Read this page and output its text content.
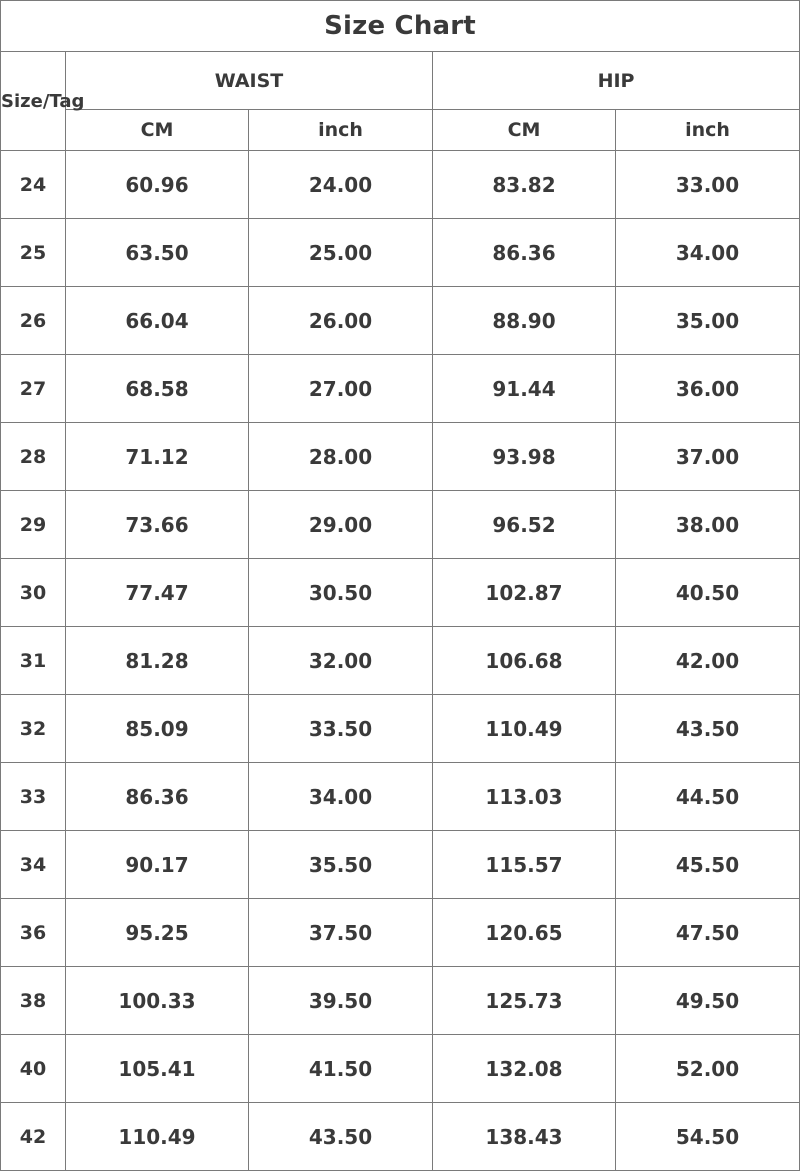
Size Chart				
Size/Tag	WAIST		HIP	
	CM	inch	CM	inch
24	60.96	24.00	83.82	33.00
25	63.50	25.00	86.36	34.00
26	66.04	26.00	88.90	35.00
27	68.58	27.00	91.44	36.00
28	71.12	28.00	93.98	37.00
29	73.66	29.00	96.52	38.00
30	77.47	30.50	102.87	40.50
31	81.28	32.00	106.68	42.00
32	85.09	33.50	110.49	43.50
33	86.36	34.00	113.03	44.50
34	90.17	35.50	115.57	45.50
36	95.25	37.50	120.65	47.50
38	100.33	39.50	125.73	49.50
40	105.41	41.50	132.08	52.00
42	110.49	43.50	138.43	54.50
